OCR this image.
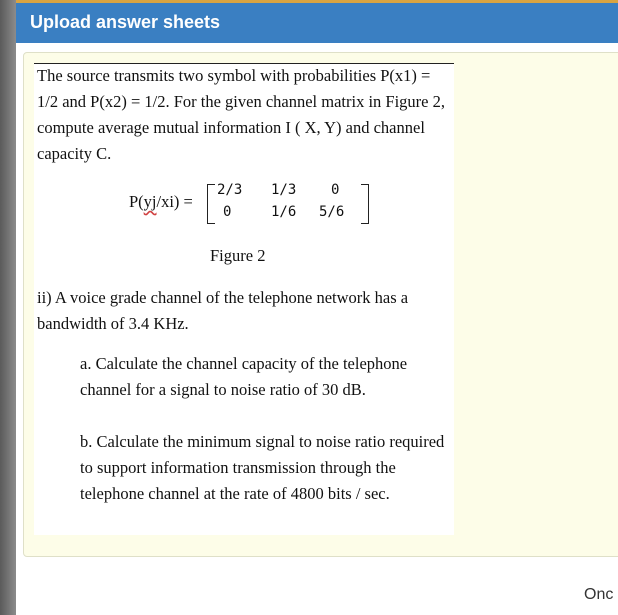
Upload answer sheets

The source transmits two symbol with probabilities P(x1) = 1/2 and P(x2) = 1/2. For the given channel matrix in Figure 2, compute average mutual information I ( X, Y) and channel capacity C.

P(yj/xi) =
2/3 1/3 0
0	1/6 5/6

Figure 2

ii) A voice grade channel of the telephone network has a bandwidth of 3.4 KHz.

a. Calculate the channel capacity of the telephone channel for a signal to noise ratio of 30 dB.

b. Calculate the minimum signal to noise ratio required to support information transmission through the telephone channel at the rate of 4800 bits / sec.

Onc
